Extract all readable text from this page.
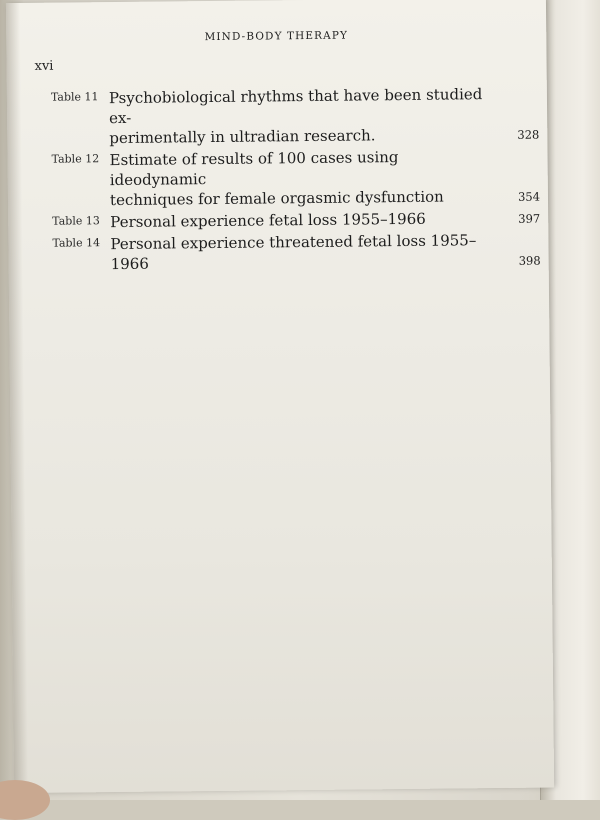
MIND-BODY THERAPY
xvi
Table 11 Psychobiological rhythms that have been studied ex-
perimentally in ultradian research.	328
Table 12 Estimate of results of 100 cases using ideodynamic
techniques for female orgasmic dysfunction	354
Table 13 Personal experience fetal loss 1955–1966	397
Table 14 Personal experience threatened fetal loss 1955–1966	398
